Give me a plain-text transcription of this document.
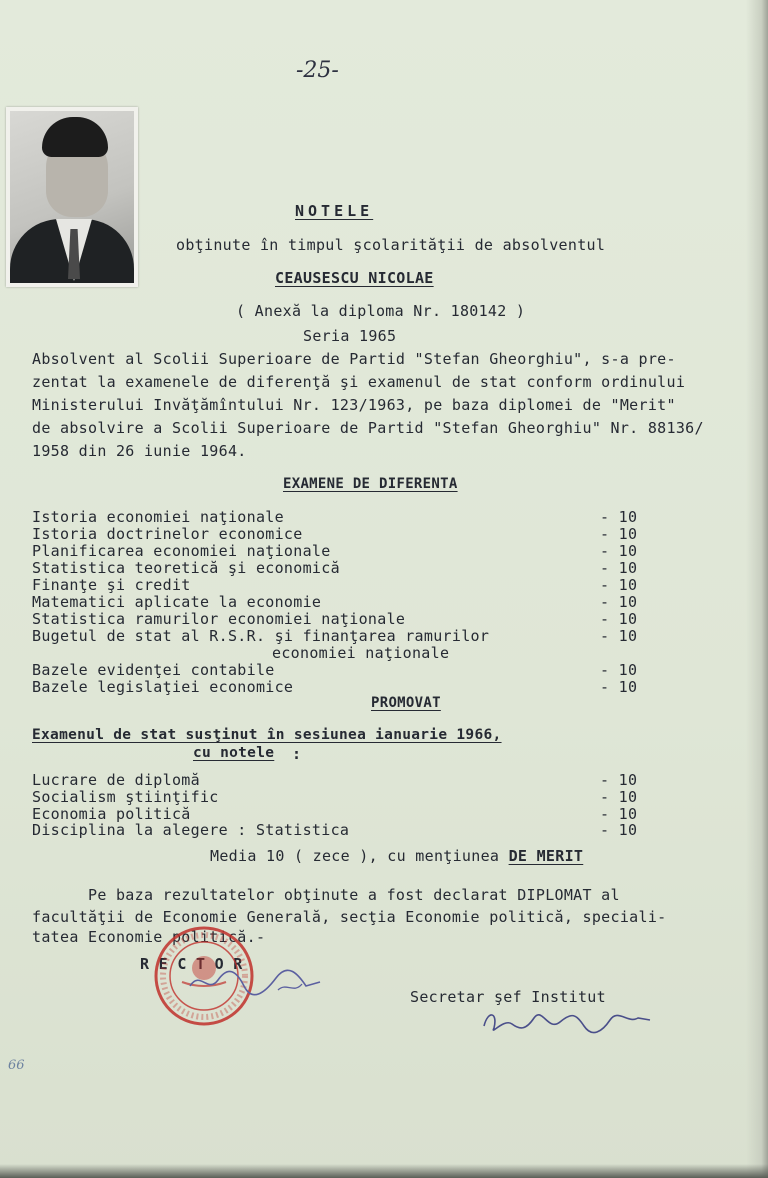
-25-
NOTELE
obţinute în timpul şcolarităţii de absolventul
CEAUSESCU NICOLAE
( Anexă la diploma Nr. 180142 )
Seria 1965
Absolvent al Scolii Superioare de Partid "Stefan Gheorghiu", s-a pre-
zentat la examenele de diferenţă şi examenul de stat conform ordinului
Ministerului Invăţămîntului Nr. 123/1963, pe baza diplomei de "Merit"
de absolvire a Scolii Superioare de Partid "Stefan Gheorghiu" Nr. 88136/
1958 din 26 iunie 1964.
EXAMENE DE DIFERENTA
Istoria economiei naţionale	- 10
Istoria doctrinelor economice	- 10
Planificarea economiei naţionale	- 10
Statistica teoretică şi economică	- 10
Finanţe şi credit	- 10
Matematici aplicate la economie	- 10
Statistica ramurilor economiei naţionale	- 10
Bugetul de stat al R.S.R. şi finanţarea ramurilor	- 10
economiei naţionale
Bazele evidenţei contabile	- 10
Bazele legislaţiei economice	- 10
PROMOVAT
Examenul de stat susţinut în sesiunea ianuarie 1966,
cu notele :
Lucrare de diplomă	- 10
Socialism ştiinţific	- 10
Economia politică	- 10
Disciplina la alegere : Statistica	- 10
Media 10 ( zece ), cu menţiunea DE MERIT
Pe baza rezultatelor obţinute a fost declarat DIPLOMAT al
facultăţii de Economie Generală, secţia Economie politică, speciali-
tatea Economie politică.-
R E C T O R
Secretar şef Institut
66
